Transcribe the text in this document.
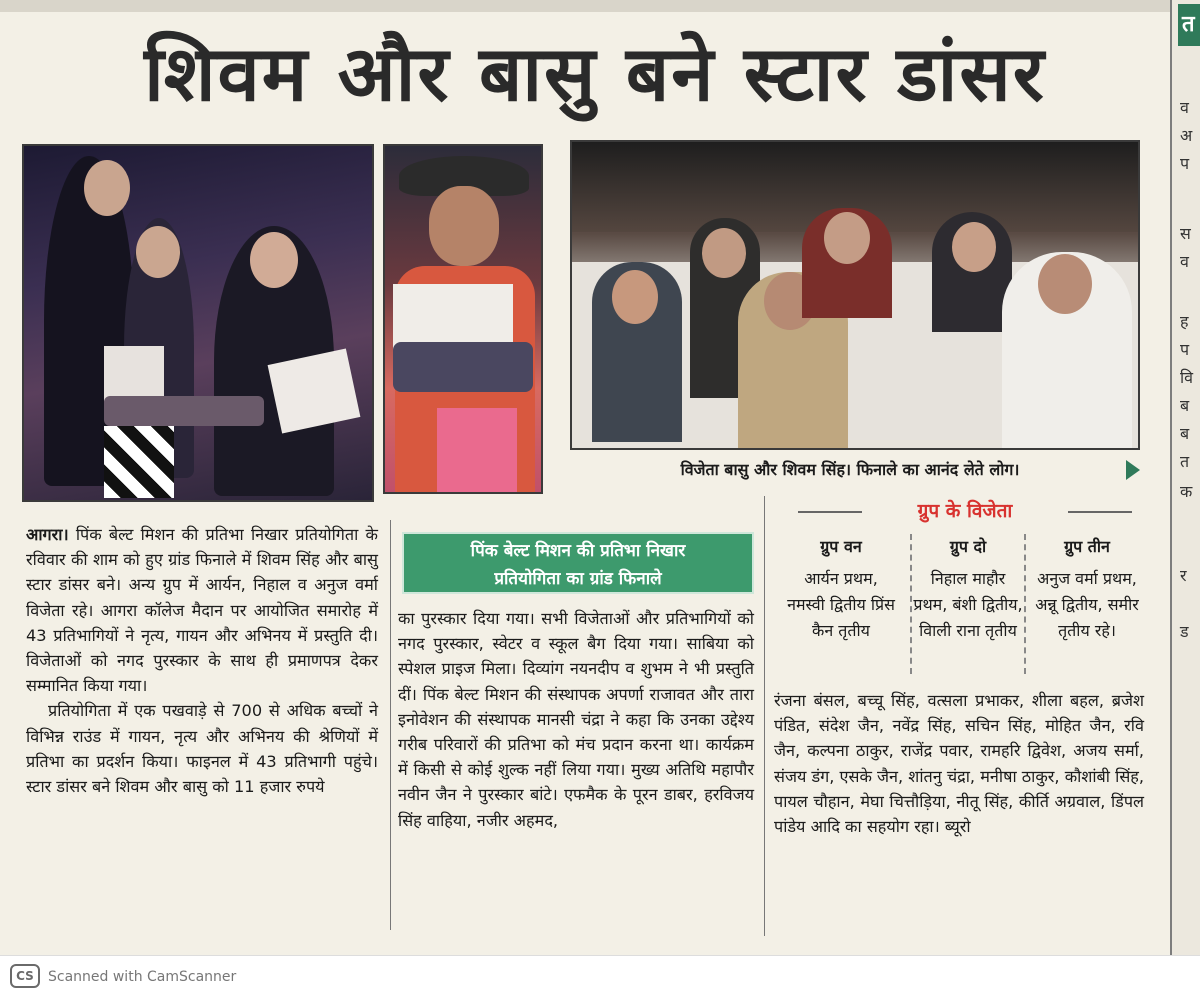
शिवम और बासु बने स्टार डांसर
विजेता बासु और शिवम सिंह। फिनाले का आनंद लेते लोग।

आगरा। पिंक बेल्ट मिशन की प्रतिभा निखार प्रतियोगिता के रविवार की शाम को हुए ग्रांड फिनाले में शिवम सिंह और बासु स्टार डांसर बने। अन्य ग्रुप में आर्यन, निहाल व अनुज वर्मा विजेता रहे। आगरा कॉलेज मैदान पर आयोजित समारोह में 43 प्रतिभागियों ने नृत्य, गायन और अभिनय में प्रस्तुति दी। विजेताओं को नगद पुरस्कार के साथ ही प्रमाणपत्र देकर सम्मानित किया गया।

प्रतियोगिता में एक पखवाड़े से 700 से अधिक बच्चों ने विभिन्न राउंड में गायन, नृत्य और अभिनय की श्रेणियों में प्रतिभा का प्रदर्शन किया। फाइनल में 43 प्रतिभागी पहुंचे। स्टार डांसर बने शिवम और बासु को 11 हजार रुपये

पिंक बेल्ट मिशन की प्रतिभा निखार
प्रतियोगिता का ग्रांड फिनाले

का पुरस्कार दिया गया। सभी विजेताओं और प्रतिभागियों को नगद पुरस्कार, स्वेटर व स्कूल बैग दिया गया। साबिया को स्पेशल प्राइज मिला। दिव्यांग नयनदीप व शुभम ने भी प्रस्तुति दीं। पिंक बेल्ट मिशन की संस्थापक अपर्णा राजावत और तारा इनोवेशन की संस्थापक मानसी चंद्रा ने कहा कि उनका उद्देश्य गरीब परिवारों की प्रतिभा को मंच प्रदान करना था। कार्यक्रम में किसी से कोई शुल्क नहीं लिया गया। मुख्य अतिथि महापौर नवीन जैन ने पुरस्कार बांटे। एफमैक के पूरन डाबर, हरविजय सिंह वाहिया, नजीर अहमद,

ग्रुप के विजेता
ग्रुप वन
आर्यन प्रथम, नमस्वी द्वितीय प्रिंस कैन तृतीय
ग्रुप दो
निहाल माहौर प्रथम, बंशी द्वितीय, विाली राना तृतीय
ग्रुप तीन
अनुज वर्मा प्रथम, अन्नू द्वितीय, समीर तृतीय रहे।

रंजना बंसल, बच्चू सिंह, वत्सला प्रभाकर, शीला बहल, ब्रजेश पंडित, संदेश जैन, नवेंद्र सिंह, सचिन सिंह, मोहित जैन, रवि जैन, कल्पना ठाकुर, राजेंद्र पवार, रामहरि द्विवेश, अजय सर्मा, संजय डंग, एसके जैन, शांतनु चंद्रा, मनीषा ठाकुर, कौशांबी सिंह, पायल चौहान, मेघा चित्तौड़िया, नीतू सिंह, कीर्ति अग्रवाल, डिंपल पांडेय आदि का सहयोग रहा। ब्यूरो

त
व
अ
प
स
व
ह
प
वि
ब
ब
त
क
र
ड
CS	Scanned with CamScanner
